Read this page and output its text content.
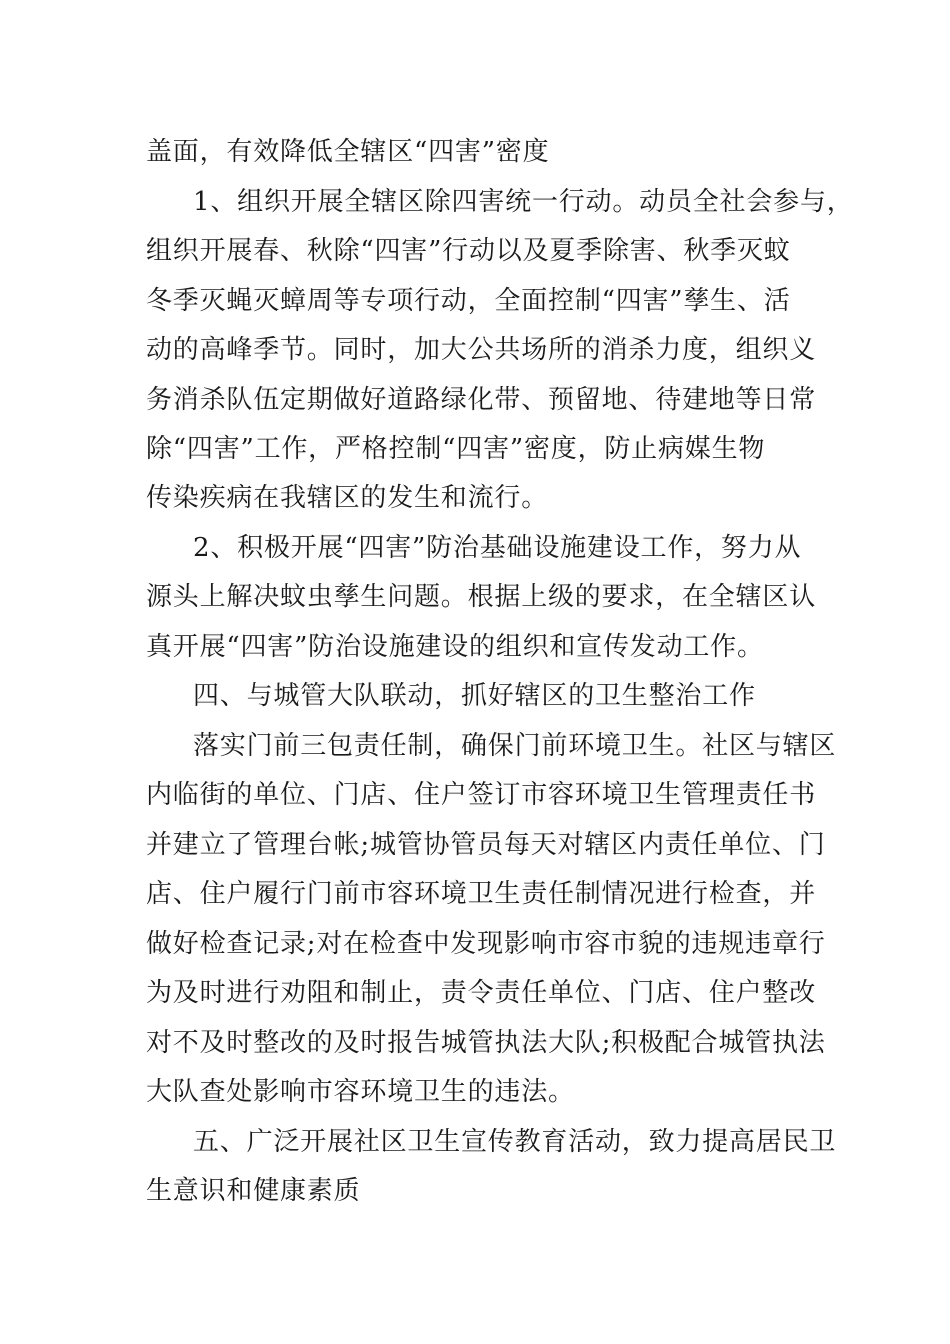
盖面，有效降低全辖区“四害”密度
1、组织开展全辖区除四害统一行动。动员全社会参与，
组织开展春、秋除“四害”行动以及夏季除害、秋季灭蚊
冬季灭蝇灭蟑周等专项行动，全面控制“四害”孳生、活
动的高峰季节。同时，加大公共场所的消杀力度，组织义
务消杀队伍定期做好道路绿化带、预留地、待建地等日常
除“四害”工作，严格控制“四害”密度，防止病媒生物
传染疾病在我辖区的发生和流行。
2、积极开展“四害”防治基础设施建设工作，努力从
源头上解决蚊虫孳生问题。根据上级的要求，在全辖区认
真开展“四害”防治设施建设的组织和宣传发动工作。
四、与城管大队联动，抓好辖区的卫生整治工作
落实门前三包责任制，确保门前环境卫生。社区与辖区
内临街的单位、门店、住户签订市容环境卫生管理责任书
并建立了管理台帐;城管协管员每天对辖区内责任单位、门
店、住户履行门前市容环境卫生责任制情况进行检查，并
做好检查记录;对在检查中发现影响市容市貌的违规违章行
为及时进行劝阻和制止，责令责任单位、门店、住户整改
对不及时整改的及时报告城管执法大队;积极配合城管执法
大队查处影响市容环境卫生的违法。
五、广泛开展社区卫生宣传教育活动，致力提高居民卫
生意识和健康素质
